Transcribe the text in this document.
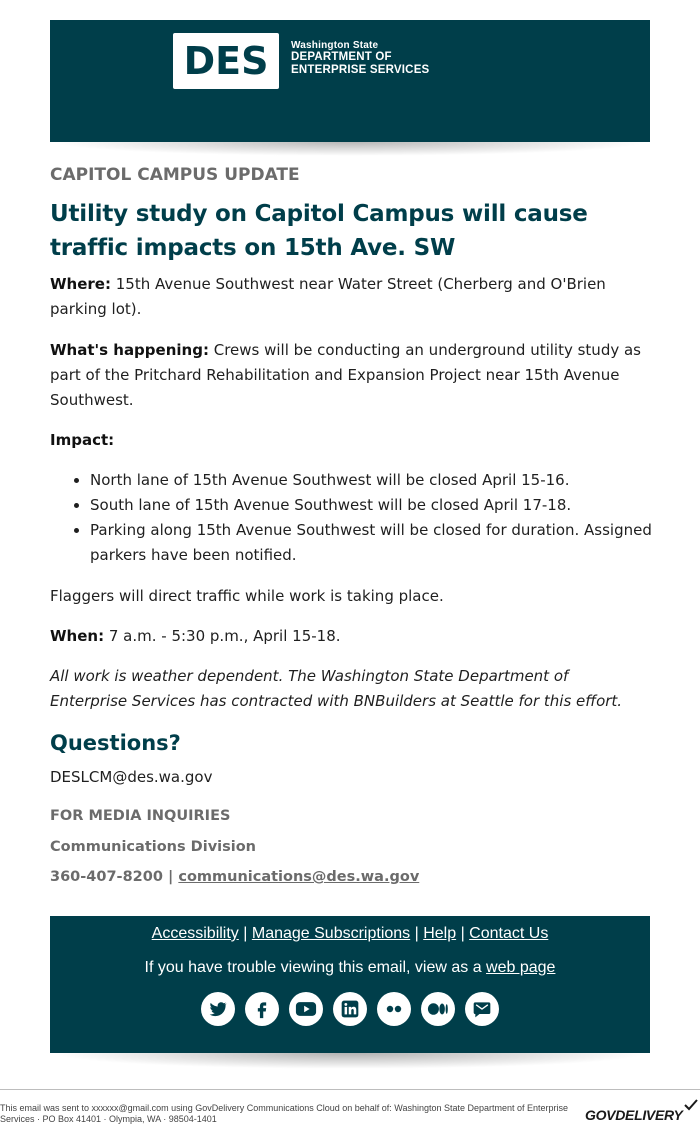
DES Washington State
DEPARTMENT OF
ENTERPRISE SERVICES
CAPITOL CAMPUS UPDATE
Utility study on Capitol Campus will cause traffic impacts on 15th Ave. SW
Where: 15th Avenue Southwest near Water Street (Cherberg and O'Brien parking lot).
What's happening: Crews will be conducting an underground utility study as part of the Pritchard Rehabilitation and Expansion Project near 15th Avenue Southwest.
Impact:
• North lane of 15th Avenue Southwest will be closed April 15-16.
• South lane of 15th Avenue Southwest will be closed April 17-18.
• Parking along 15th Avenue Southwest will be closed for duration. Assigned parkers have been notified.
Flaggers will direct traffic while work is taking place.
When: 7 a.m. - 5:30 p.m., April 15-18.
All work is weather dependent. The Washington State Department of Enterprise Services has contracted with BNBuilders at Seattle for this effort.
Questions?
DESLCM@des.wa.gov
FOR MEDIA INQUIRIES
Communications Division
360-407-8200 | communications@des.wa.gov
Accessibility | Manage Subscriptions | Help | Contact Us
If you have trouble viewing this email, view as a web page
This email was sent to xxxxxx@gmail.com using GovDelivery Communications Cloud on behalf of: Washington State Department of Enterprise Services · PO Box 41401 · Olympia, WA · 98504-1401	GOVDELIVERY
